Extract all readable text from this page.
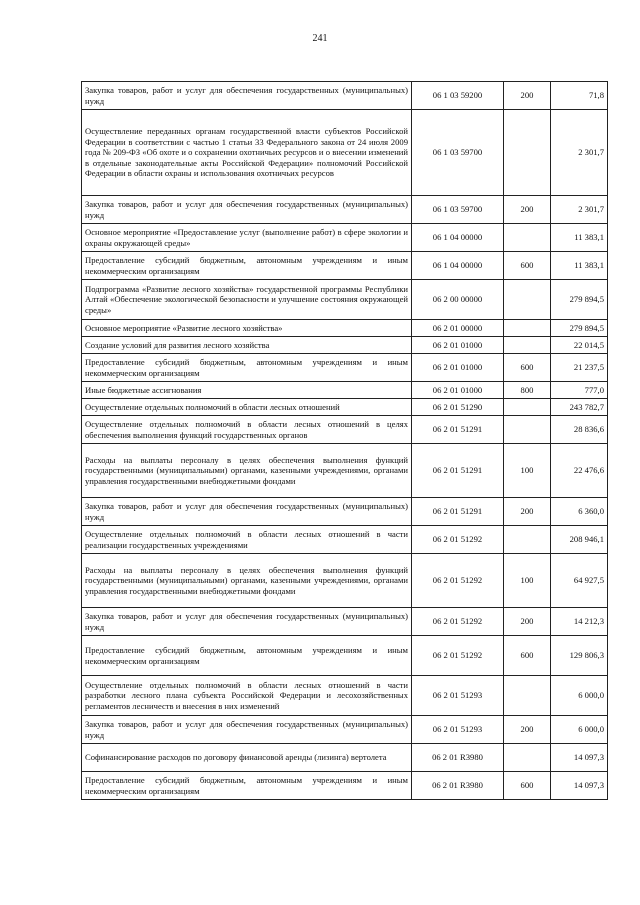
241
Закупка товаров, работ и услуг для обеспечения государственных (муниципальных) нужд	06 1 03 59200	200	71,8
Осуществление переданных органам государственной власти субъектов Российской Федерации в соответствии с частью 1 статьи 33 Федерального закона от 24 июля 2009 года № 209-ФЗ «Об охоте и о сохранении охотничьих ресурсов и о внесении изменений в отдельные законодательные акты Российской Федерации» полномочий Российской Федерации в области охраны и использования охотничьих ресурсов	06 1 03 59700		2 301,7
Закупка товаров, работ и услуг для обеспечения государственных (муниципальных) нужд	06 1 03 59700	200	2 301,7
Основное мероприятие «Предоставление услуг (выполнение работ) в сфере экологии и охраны окружающей среды»	06 1 04 00000		11 383,1
Предоставление субсидий бюджетным, автономным учреждениям и иным некоммерческим организациям	06 1 04 00000	600	11 383,1
Подпрограмма «Развитие лесного хозяйства» государственной программы Республики Алтай «Обеспечение экологической безопасности и улучшение состояния окружающей среды»	06 2 00 00000		279 894,5
Основное мероприятие «Развитие лесного хозяйства»	06 2 01 00000		279 894,5
Создание условий для развития лесного хозяйства	06 2 01 01000		22 014,5
Предоставление субсидий бюджетным, автономным учреждениям и иным некоммерческим организациям	06 2 01 01000	600	21 237,5
Иные бюджетные ассигнования	06 2 01 01000	800	777,0
Осуществление отдельных полномочий в области лесных отношений	06 2 01 51290		243 782,7
Осуществление отдельных полномочий в области лесных отношений в целях обеспечения выполнения функций государственных органов	06 2 01 51291		28 836,6
Расходы на выплаты персоналу в целях обеспечения выполнения функций государственными (муниципальными) органами, казенными учреждениями, органами управления государственными внебюджетными фондами	06 2 01 51291	100	22 476,6
Закупка товаров, работ и услуг для обеспечения государственных (муниципальных) нужд	06 2 01 51291	200	6 360,0
Осуществление отдельных полномочий в области лесных отношений в части реализации государственных учреждениями	06 2 01 51292		208 946,1
Расходы на выплаты персоналу в целях обеспечения выполнения функций государственными (муниципальными) органами, казенными учреждениями, органами управления государственными внебюджетными фондами	06 2 01 51292	100	64 927,5
Закупка товаров, работ и услуг для обеспечения государственных (муниципальных) нужд	06 2 01 51292	200	14 212,3
Предоставление субсидий бюджетным, автономным учреждениям и иным некоммерческим организациям	06 2 01 51292	600	129 806,3
Осуществление отдельных полномочий в области лесных отношений в части разработки лесного плана субъекта Российской Федерации и лесохозяйственных регламентов лесничеств и внесения в них изменений	06 2 01 51293		6 000,0
Закупка товаров, работ и услуг для обеспечения государственных (муниципальных) нужд	06 2 01 51293	200	6 000,0
Софинансирование расходов по договору финансовой аренды (лизинга) вертолета	06 2 01 R3980		14 097,3
Предоставление субсидий бюджетным, автономным учреждениям и иным некоммерческим организациям	06 2 01 R3980	600	14 097,3
